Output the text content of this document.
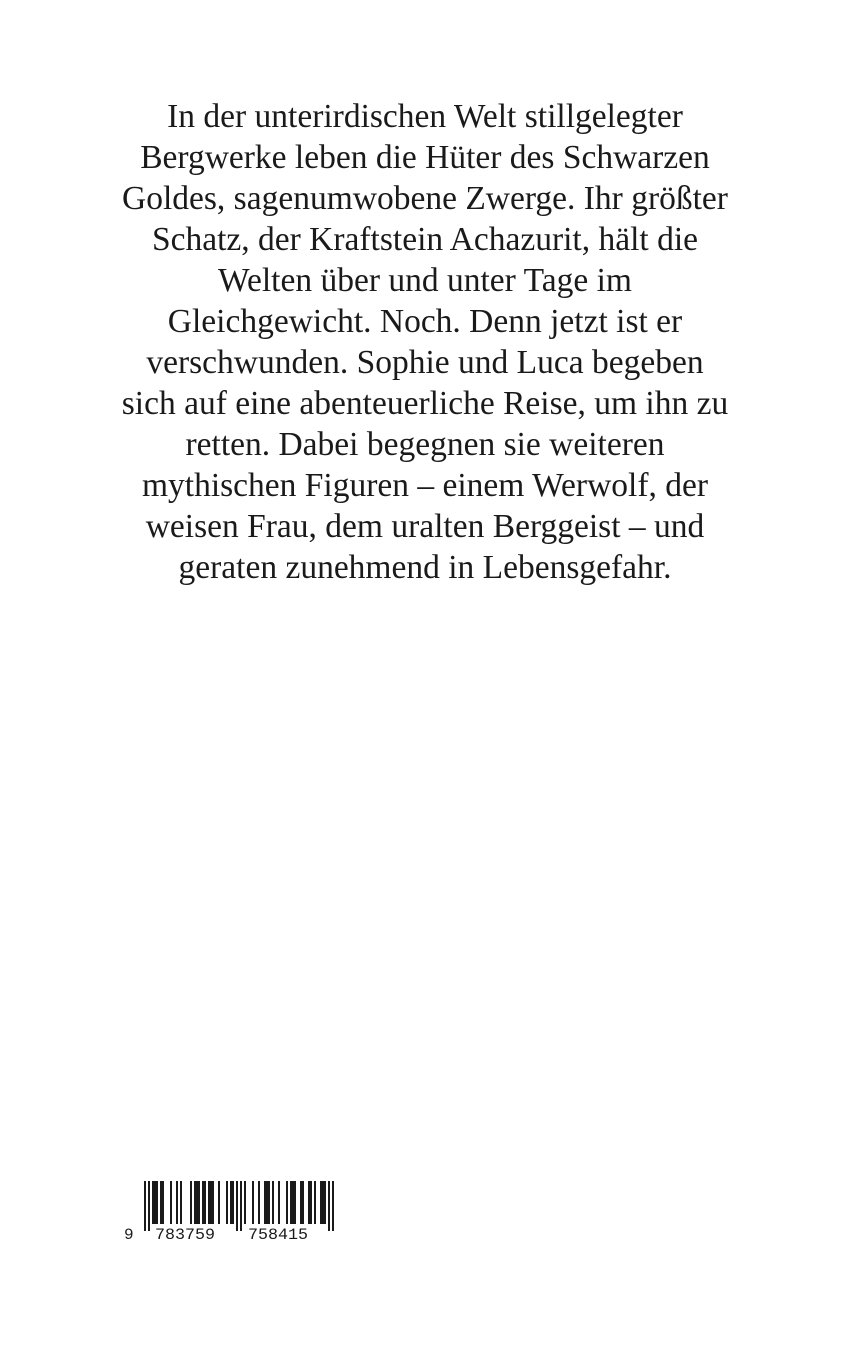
In der unterirdischen Welt stillgelegter
Bergwerke leben die Hüter des Schwarzen
Goldes, sagenumwobene Zwerge. Ihr größter
Schatz, der Kraftstein Achazurit, hält die
Welten über und unter Tage im
Gleichgewicht. Noch. Denn jetzt ist er
verschwunden. Sophie und Luca begeben
sich auf eine abenteuerliche Reise, um ihn zu
retten. Dabei begegnen sie weiteren
mythischen Figuren – einem Werwolf, der
weisen Frau, dem uralten Berggeist – und
geraten zunehmend in Lebensgefahr.
9 783759 758415
